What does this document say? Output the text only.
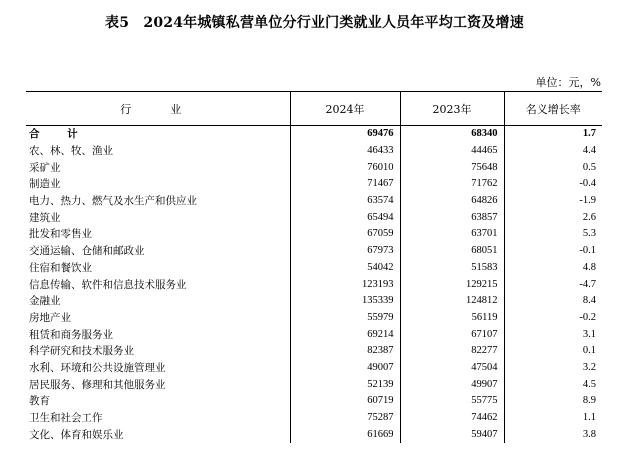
表5　2024年城镇私营单位分行业门类就业人员年平均工资及增速
单位：元，%
行　业	2024年	2023年	名义增长率
合 计	69476	68340	1.7
农、林、牧、渔业	46433	44465	4.4
采矿业	76010	75648	0.5
制造业	71467	71762	-0.4
电力、热力、燃气及水生产和供应业	63574	64826	-1.9
建筑业	65494	63857	2.6
批发和零售业	67059	63701	5.3
交通运输、仓储和邮政业	67973	68051	-0.1
住宿和餐饮业	54042	51583	4.8
信息传输、软件和信息技术服务业	123193	129215	-4.7
金融业	135339	124812	8.4
房地产业	55979	56119	-0.2
租赁和商务服务业	69214	67107	3.1
科学研究和技术服务业	82387	82277	0.1
水利、环境和公共设施管理业	49007	47504	3.2
居民服务、修理和其他服务业	52139	49907	4.5
教育	60719	55775	8.9
卫生和社会工作	75287	74462	1.1
文化、体育和娱乐业	61669	59407	3.8
